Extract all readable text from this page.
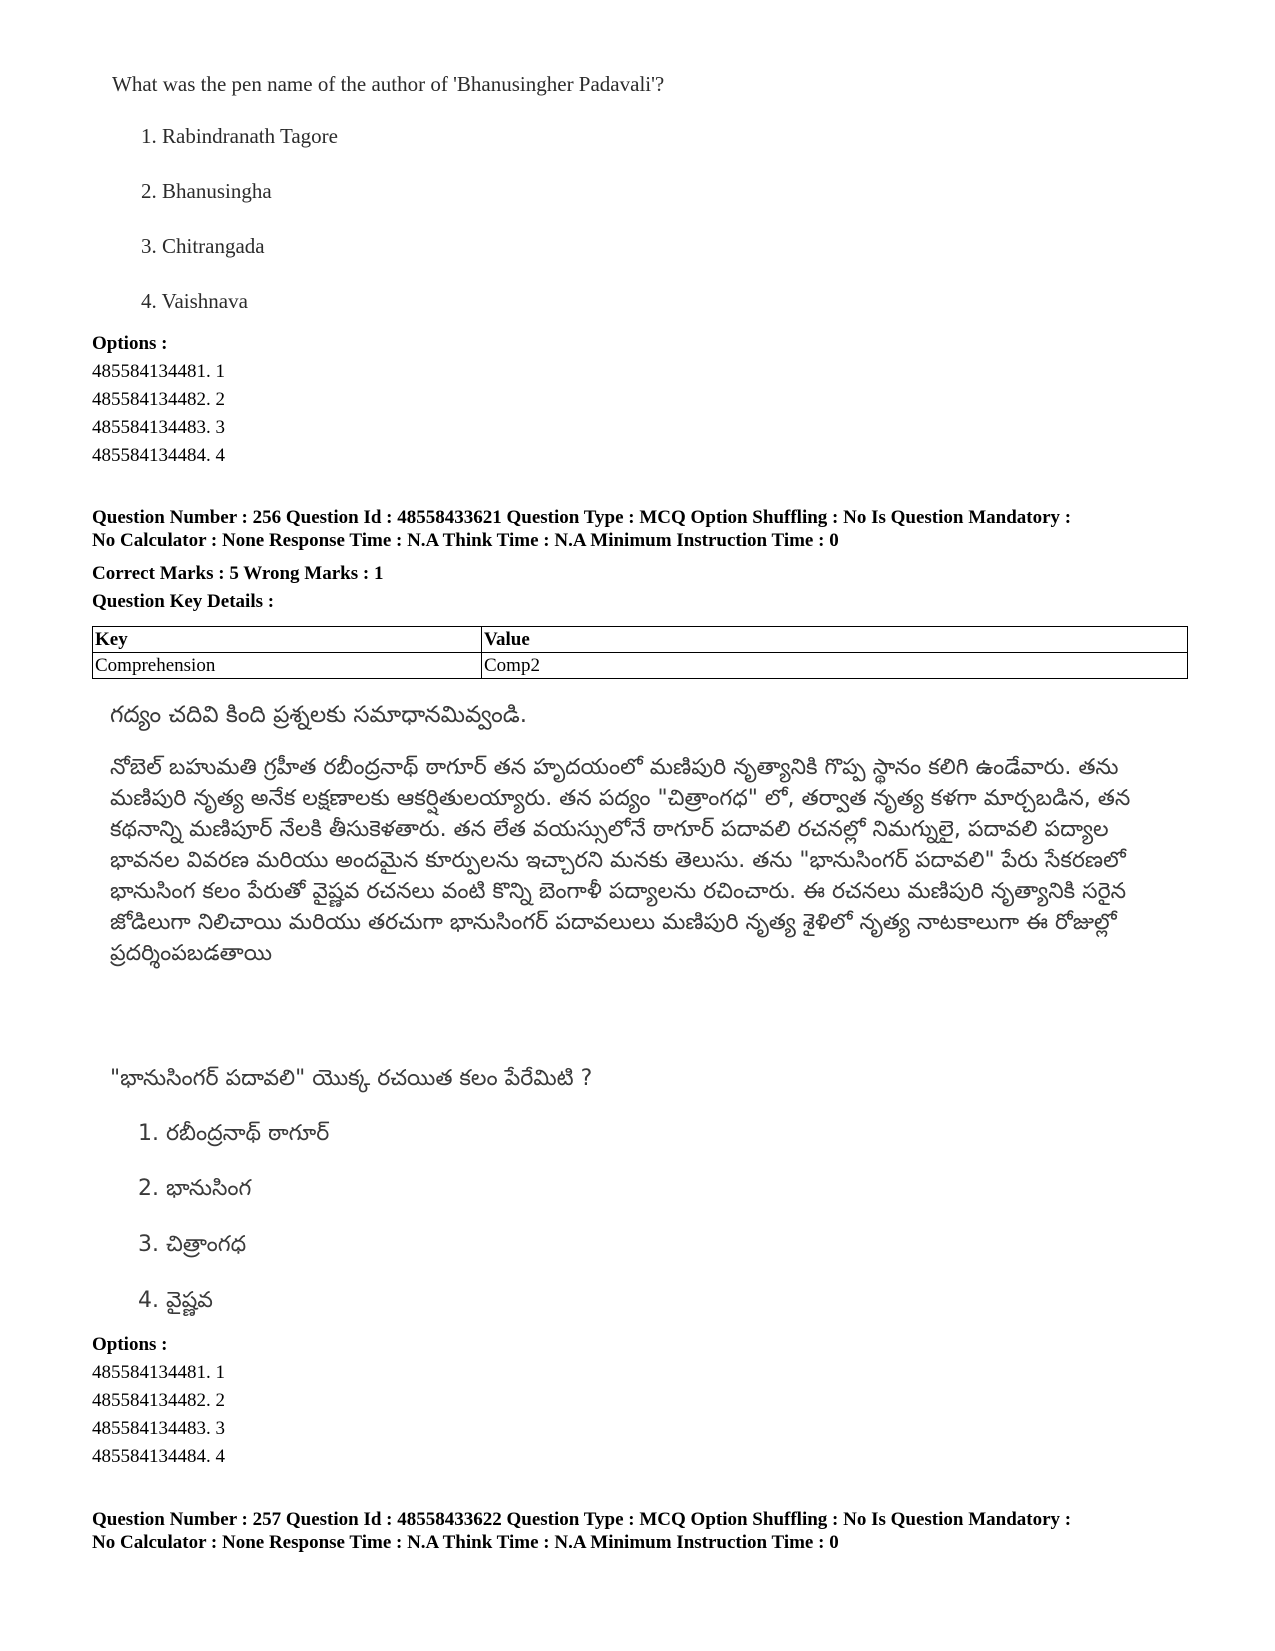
What was the pen name of the author of 'Bhanusingher Padavali'?
1. Rabindranath Tagore
2. Bhanusingha
3. Chitrangada
4. Vaishnava
Options :
485584134481. 1
485584134482. 2
485584134483. 3
485584134484. 4
Question Number : 256 Question Id : 48558433621 Question Type : MCQ Option Shuffling : No Is Question Mandatory :
No Calculator : None Response Time : N.A Think Time : N.A Minimum Instruction Time : 0
Correct Marks : 5 Wrong Marks : 1
Question Key Details :
Key	Value
Comprehension	Comp2
గద్యం చదివి కింది ప్రశ్నలకు సమాధానమివ్వండి.
నోబెల్ బహుమతి గ్రహీత రబీంద్రనాథ్ ఠాగూర్ తన హృదయంలో మణిపురి నృత్యానికి గొప్ప స్థానం కలిగి ఉండేవారు. తను మణిపురి నృత్య అనేక లక్షణాలకు ఆకర్షితులయ్యారు. తన పద్యం "చిత్రాంగధ" లో, తర్వాత నృత్య కళగా మార్చబడిన, తన కథనాన్ని మణిపూర్ నేలకి తీసుకెళతారు. తన లేత వయస్సులోనే ఠాగూర్ పదావలి రచనల్లో నిమగ్నులై, పదావలి పద్యాల భావనల వివరణ మరియు అందమైన కూర్పులను ఇచ్చారని మనకు తెలుసు. తను "భానుసింగర్ పదావలి" పేరు సేకరణలో భానుసింగ కలం పేరుతో వైష్ణవ రచనలు వంటి కొన్ని బెంగాళీ పద్యాలను రచించారు. ఈ రచనలు మణిపురి నృత్యానికి సరైన జోడిలుగా నిలిచాయి మరియు తరచుగా భానుసింగర్ పదావలులు మణిపురి నృత్య శైళిలో నృత్య నాటకాలుగా ఈ రోజుల్లో ప్రదర్శింపబడతాయి
"భానుసింగర్ పదావలి" యొక్క రచయిత కలం పేరేమిటి ?
1. రబీంద్రనాథ్ ఠాగూర్
2. భానుసింగ
3. చిత్రాంగధ
4. వైష్ణవ
Options :
485584134481. 1
485584134482. 2
485584134483. 3
485584134484. 4
Question Number : 257 Question Id : 48558433622 Question Type : MCQ Option Shuffling : No Is Question Mandatory :
No Calculator : None Response Time : N.A Think Time : N.A Minimum Instruction Time : 0
